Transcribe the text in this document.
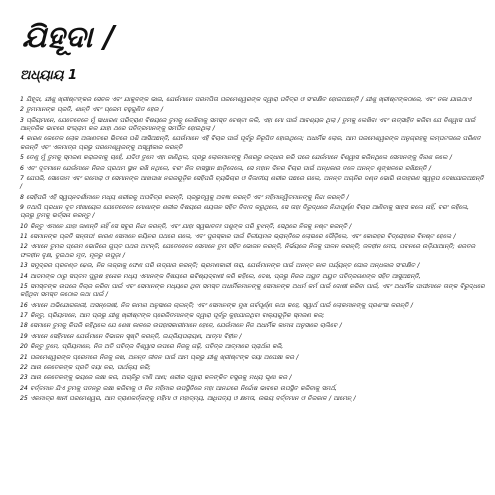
ଯିହୂଦା /
ଅଧ୍ୟାୟ 1
1 ଯିହୂଦା, ଯୀଶୁ ଖ୍ରୀଷ୍ଟଙ୍କର ସେବକ ଏବଂ ଯାକୁବଙ୍କ ଭାଇ, ଯେଉଁମାନେ ପରମପିତା ପରମେଶ୍ୱରଙ୍କ ଦ୍ୱାରା ପବିତ୍ର ଓ ସଂରକ୍ଷିତ ହୋଇଅଛନ୍ତି / ଯୀଶୁ ଖ୍ରୀଷ୍ଟଙ୍କଠାରେ, ଏବଂ ଡକା ଯାଇଥାଏ
2 ତୁମମାନଙ୍କ ପ୍ରତି, ଶାନ୍ତି ଏବଂ ପ୍ରେମ ବହୁଗୁଣିତ ହେଉ /
3 ପ୍ରିୟମାନେ, ଯେତେବେଳେ ମୁଁ ସାଧାରଣ ପରିତ୍ରାଣ ବିଷୟରେ ତୁମକୁ ଲେଖିବାକୁ ସମସ୍ତ ଚେଷ୍ଟା କଲି, ଏହା ମୋ ପାଇଁ ଆବଶ୍ୟକ ଥିଲା / ତୁମକୁ ଲେଖିବା ଏବଂ ଉତ୍ସାହିତ କରିବା ଯେ ବିଶ୍ୱାସ ପାଇଁ ଆନ୍ତରିକ ଭାବରେ ସଂଗ୍ରାମ କର ଯାହା ଥରେ ପବିତ୍ରମାନଙ୍କୁ ସମର୍ପିତ ହୋଇଥିଲା /
4 କାରଣ କେତେକ ଲୋକ ଅଜାଣତରେ ଭିତରେ ପଶି ଆସିଅଛନ୍ତି, ଯେଉଁମାନେ ଏହି ବିଚାର ପାଇଁ ପୂର୍ବରୁ ନିରୂପିତ ହୋଇଥିଲେ; ଅଧାର୍ମିକ ଲୋକ, ଆମ ପରମେଶ୍ୱରଙ୍କ ଅନୁଗ୍ରହକୁ ଲମ୍ପଟତାରେ ପରିଣତ କରନ୍ତି ଏବଂ ଏକମାତ୍ର ପ୍ରଭୁ ପରମେଶ୍ୱରଙ୍କୁ ଅସ୍ୱୀକାର କରନ୍ତି
5 ତେଣୁ ମୁଁ ତୁମକୁ ସ୍ମରଣ କରାଇବାକୁ ଚାହେଁ, ଯଦିଓ ତୁମେ ଏହା ଜାଣିଥିଲ, ପ୍ରଭୁ ଲୋକମାନଙ୍କୁ ମିଶରରୁ ଉଦ୍ଧାର କରି ପରେ ଯେଉଁମାନେ ବିଶ୍ୱାସ କରିନଥିଲେ ସେମାନଙ୍କୁ ବିନାଶ କଲେ /
6 ଏବଂ ଦୂତମାନେ ଯେଉଁମାନେ ନିଜର ପ୍ରଥମ ସ୍ଥାନ ରଖି ନଥିଲେ, ବରଂ ନିଜ ବାସସ୍ଥାନ ଛାଡ଼ିଦେଲେ, ସେ ମହାନ ଦିନର ବିଚାର ପାଇଁ ଅନ୍ଧକାର ତଳେ ଅନନ୍ତ ଶୃଙ୍ଖଳରେ ରଖିଛନ୍ତି /
7 ଯେପରି, ସୋଦୋମ ଏବଂ ଗମୋରା ଓ ସେମାନଙ୍କ ଆଖପାଖ ନଗରଗୁଡ଼ିକ ସେହିପରି ବ୍ୟଭିଚାର ଓ ବିଜାତୀୟ ଶରୀର ପଛରେ ଗଲେ, ଅନନ୍ତ ଅଗ୍ନିର ଦଣ୍ଡ ଭୋଗି ଉଦାହରଣ ସ୍ୱରୂପ ଦେଖାଯାଇଅଛନ୍ତି /
8 ସେହିପରି ଏହି ସ୍ୱପ୍ନଦର୍ଶୀମାନେ ମଧ୍ୟ ଶରୀରକୁ ଅପବିତ୍ର କରନ୍ତି, ପ୍ରଭୁତ୍ୱକୁ ଅବଜ୍ଞା କରନ୍ତି ଏବଂ ମହିମାନ୍ୱିତମାନଙ୍କୁ ନିନ୍ଦା କରନ୍ତି /
9 ତଥାପି ପ୍ରଧାନ ଦୂତ ମୀଖାୟେଲ ଯେତେବେଳେ ମୋଶାଙ୍କ ଶରୀର ବିଷୟରେ ଶୟତାନ ସହିତ ବିବାଦ କରୁଥିଲେ, ସେ ତାହା ବିରୁଦ୍ଧରେ ନିନ୍ଦାପୂର୍ଣ୍ଣ ବିଚାର ଆଣିବାକୁ ସାହସ କଲେ ନାହିଁ, ବରଂ କହିଲେ, ପ୍ରଭୁ ତୁମକୁ ଭର୍ତ୍ସନା କରନ୍ତୁ /
10 କିନ୍ତୁ ଏମାନେ ଯାହା ଜାଣନ୍ତି ନାହିଁ ସେ ସବୁର ନିନ୍ଦା କରନ୍ତି, ଏବଂ ଯାହା ସ୍ୱଭାବତଃ ପଶୁଙ୍କ ପରି ବୁଝନ୍ତି, ସେଥିରେ ନିଜକୁ ନଷ୍ଟ କରନ୍ତି /
11 ସେମାନଙ୍କ ପ୍ରତି ସନ୍ତାପ! କାରଣ ସେମାନେ କୟିନର ପଥରେ ଗଲେ, ଏବଂ ପୁରସ୍କାର ପାଇଁ ବିଲୀୟମର ଭ୍ରାନ୍ତିରେ ଲୋଭରେ ଦୌଡ଼ିଲେ, ଏବଂ କୋରହର ବିଦ୍ରୋହରେ ବିନଷ୍ଟ ହେଲେ /
12 ଏମାନେ ତୁମର ପ୍ରେମ ଭୋଜିରେ ଗୁପ୍ତ ପଥର ଅଟନ୍ତି, ଯେତେବେଳେ ସେମାନେ ତୁମ ସହିତ ଭୋଜନ କରନ୍ତି, ନିର୍ଭୟରେ ନିଜକୁ ପାଳନ କରନ୍ତି; ଜଳହୀନ ମେଘ, ପବନରେ ଉଡ଼ିଯାଆନ୍ତି; ଶରତର ଫଳହୀନ ବୃକ୍ଷ, ଦୁଇଥର ମୃତ, ମୂଳରୁ ଉପୁଡ଼ା /
13 ସମୁଦ୍ରର ପ୍ରଚଣ୍ଡ ଢେଉ, ନିଜ ଲଜ୍ଜାକୁ ଫେଣ ପରି ଉଦ୍ଗାର କରନ୍ତି; ଭ୍ରମଣକାରୀ ତାରା, ଯେଉଁମାନଙ୍କ ପାଇଁ ଅନନ୍ତ କାଳ ପର୍ଯ୍ୟନ୍ତ ଘୋର ଅନ୍ଧକାର ସଂରକ୍ଷିତ /
14 ଆଦମଙ୍କ ଠାରୁ ସପ୍ତମ ପୁରୁଷ ହନୋକ ମଧ୍ୟ ଏମାନଙ୍କ ବିଷୟରେ ଭବିଷ୍ୟଦ୍‌ବାଣୀ କରି କହିଲେ, ଦେଖ, ପ୍ରଭୁ ନିଜର ଅୟୁତ ଅୟୁତ ପବିତ୍ରଗଣଙ୍କ ସହିତ ଆସୁଅଛନ୍ତି,
15 ସମସ୍ତଙ୍କ ଉପରେ ବିଚାର କରିବା ପାଇଁ ଏବଂ ସେମାନଙ୍କ ମଧ୍ୟରେ ଥିବା ସମସ୍ତ ଅଧାର୍ମିକମାନଙ୍କୁ ସେମାନଙ୍କ ଅଧର୍ମ କର୍ମ ପାଇଁ ଦୋଷୀ କରିବା ପାଇଁ, ଏବଂ ଅଧାର୍ମିକ ପାପୀମାନେ ତାଙ୍କ ବିରୁଦ୍ଧରେ କହିଥିବା ସମସ୍ତ କଠୋର କଥା ପାଇଁ /
16 ଏମାନେ ଅଭିଯୋଗକାରୀ, ଅସନ୍ତୋଷୀ, ନିଜ କାମନା ଅନୁସାରେ ଚାଲନ୍ତି; ଏବଂ ସେମାନଙ୍କ ମୁଖ ଗର୍ବପୂର୍ଣ୍ଣ କଥା କହେ, ସ୍ୱାର୍ଥ ପାଇଁ ଲୋକମାନଙ୍କୁ ପ୍ରଶଂସା କରନ୍ତି /
17 କିନ୍ତୁ, ପ୍ରିୟମାନେ, ଆମ ପ୍ରଭୁ ଯୀଶୁ ଖ୍ରୀଷ୍ଟଙ୍କ ପ୍ରେରିତମାନଙ୍କ ଦ୍ୱାରା ପୂର୍ବରୁ କୁହାଯାଇଥିବା ବାକ୍ୟଗୁଡ଼ିକ ସ୍ମରଣ କର;
18 ସେମାନେ ତୁମକୁ କିପରି କହିଥିଲେ ଯେ ଶେଷ କାଳରେ ଉପହାସକାରୀମାନେ ହେବେ, ଯେଉଁମାନେ ନିଜ ଅଧାର୍ମିକ କାମନା ଅନୁସାରେ ଚାଲିବେ /
19 ଏମାନେ ସେହିମାନେ ଯେଉଁମାନେ ବିଭାଜନ ସୃଷ୍ଟି କରନ୍ତି, ଇନ୍ଦ୍ରିୟପରାୟଣ, ଆତ୍ମା ବିହୀନ /
20 କିନ୍ତୁ ତୁମେ, ପ୍ରିୟମାନେ, ନିଜ ଅତି ପବିତ୍ର ବିଶ୍ୱାସ ଉପରେ ନିଜକୁ ଗଢ଼ି, ପବିତ୍ର ଆତ୍ମାରେ ପ୍ରାର୍ଥନା କରି,
21 ପରମେଶ୍ୱରଙ୍କ ପ୍ରେମରେ ନିଜକୁ ରଖ, ଅନନ୍ତ ଜୀବନ ପାଇଁ ଆମ ପ୍ରଭୁ ଯୀଶୁ ଖ୍ରୀଷ୍ଟଙ୍କ ଦୟା ଅପେକ୍ଷା କର /
22 ଆଉ କେତେକଙ୍କ ପ୍ରତି ଦୟା କର, ପାର୍ଥକ୍ୟ କରି;
23 ଆଉ କେତେକଙ୍କୁ ଭୟରେ ରକ୍ଷା କର, ଅଗ୍ନିରୁ ଟାଣି ଆଣ; ଶରୀର ଦ୍ୱାରା କଳଙ୍କିତ ବସ୍ତ୍ରକୁ ମଧ୍ୟ ଘୃଣା କର /
24 ବର୍ତ୍ତମାନ ଯିଏ ତୁମକୁ ପତନରୁ ରକ୍ଷା କରିବାକୁ ଓ ନିଜ ମହିମାର ଉପସ୍ଥିତିରେ ମହା ଆନନ୍ଦରେ ନିର୍ଦ୍ଦୋଷ ଭାବରେ ଉପସ୍ଥିତ କରିବାକୁ ସମର୍ଥ,
25 ଏକମାତ୍ର ଜ୍ଞାନୀ ପରମେଶ୍ୱର, ଆମ ତ୍ରାଣକର୍ତ୍ତାଙ୍କୁ ମହିମା ଓ ମହାତ୍ମ୍ୟ, ଆଧିପତ୍ୟ ଓ କ୍ଷମତା, ଉଭୟ ବର୍ତ୍ତମାନ ଓ ଚିରକାଳ / ଆମେନ୍ /
